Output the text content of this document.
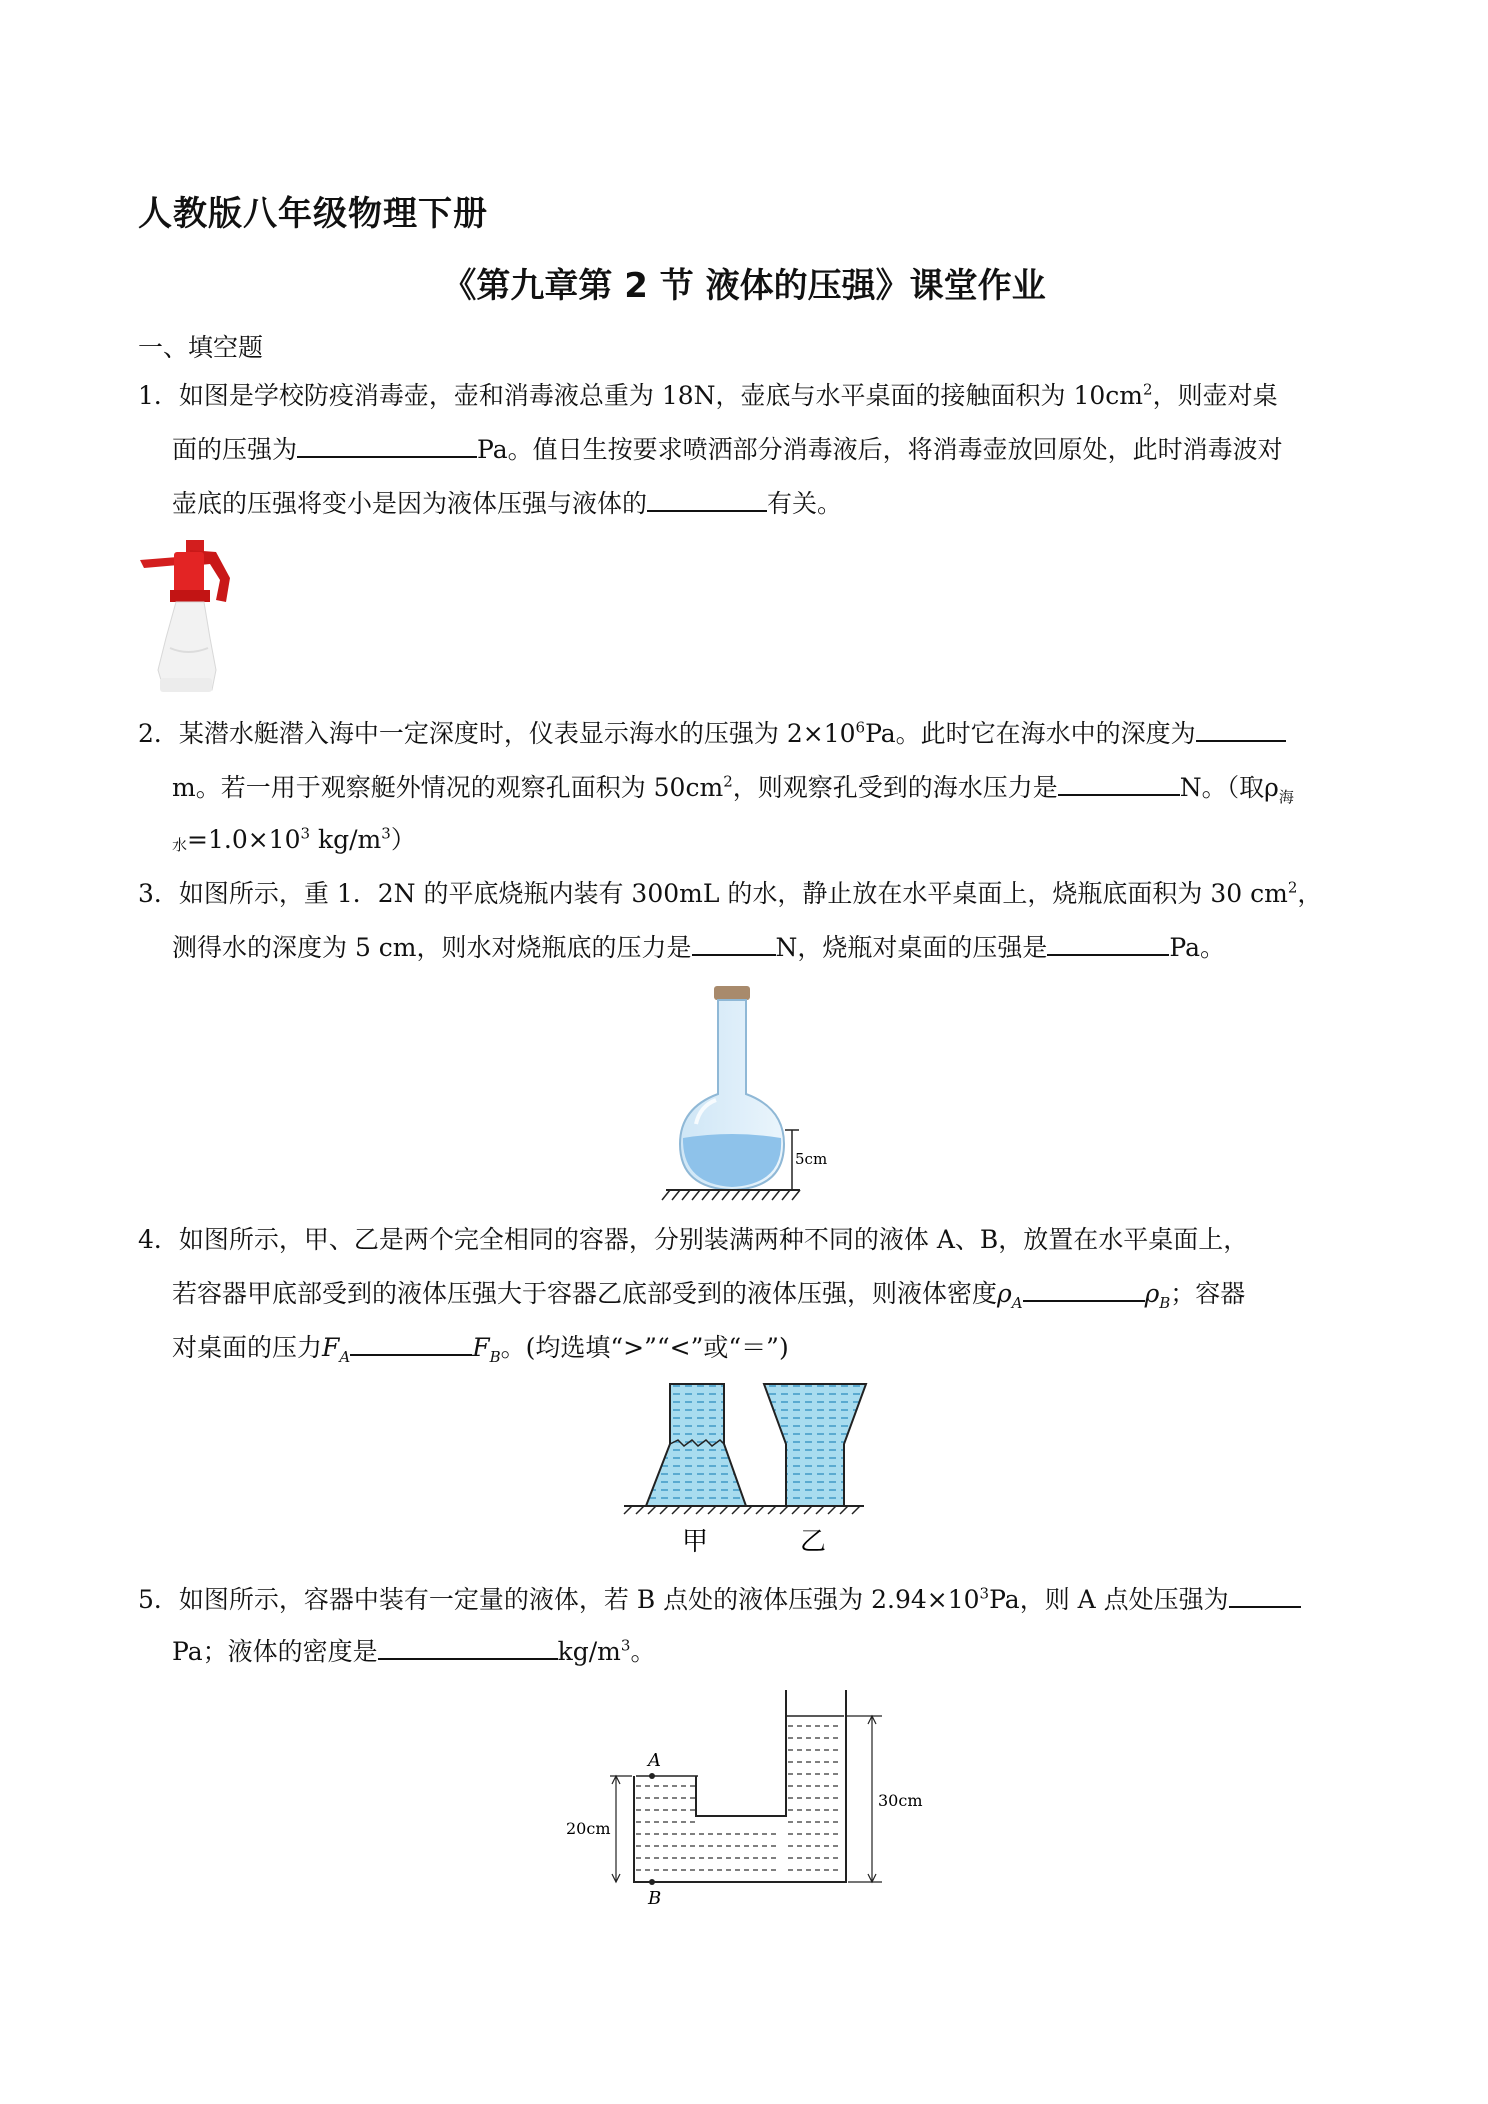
人教版八年级物理下册
《第九章第 2 节 液体的压强》课堂作业
一、填空题
1．如图是学校防疫消毒壶，壶和消毒液总重为 18N，壶底与水平桌面的接触面积为 $10cm^2$，则壶对桌
面的压强为	Pa。值日生按要求喷洒部分消毒液后，将消毒壶放回原处，此时消毒波对
壶底的压强将变小是因为液体压强与液体的	有关。
2．某潜水艇潜入海中一定深度时，仪表显示海水的压强为 $2\times 10^6Pa$。此时它在海水中的深度为
m。若一用于观察艇外情况的观察孔面积为 $50cm^2$，则观察孔受到的海水压力是	N。（取$\rho_海$
$_水=1.0\times 10^3$ $kg/m^3$）
3．如图所示，重 1．2N 的平底烧瓶内装有 300mL 的水，静止放在水平桌面上，烧瓶底面积为 30 $cm^2$，
测得水的深度为 5 cm，则水对烧瓶底的压力是	N，烧瓶对桌面的压强是	Pa。
5cm
4．如图所示，甲、乙是两个完全相同的容器，分别装满两种不同的液体 A、B，放置在水平桌面上，
若容器甲底部受到的液体压强大于容器乙底部受到的液体压强，则液体密度$\rho_A$	$\rho_B$；容器
对桌面的压力$F_A$	$F_B$。(均选填“>”“<”或“＝”)
甲	乙
5．如图所示，容器中装有一定量的液体，若 B 点处的液体压强为 $2.94\times 10^3Pa$，则 A 点处压强为
Pa；液体的密度是	$kg/m^3$。
A
B
20cm
30cm
